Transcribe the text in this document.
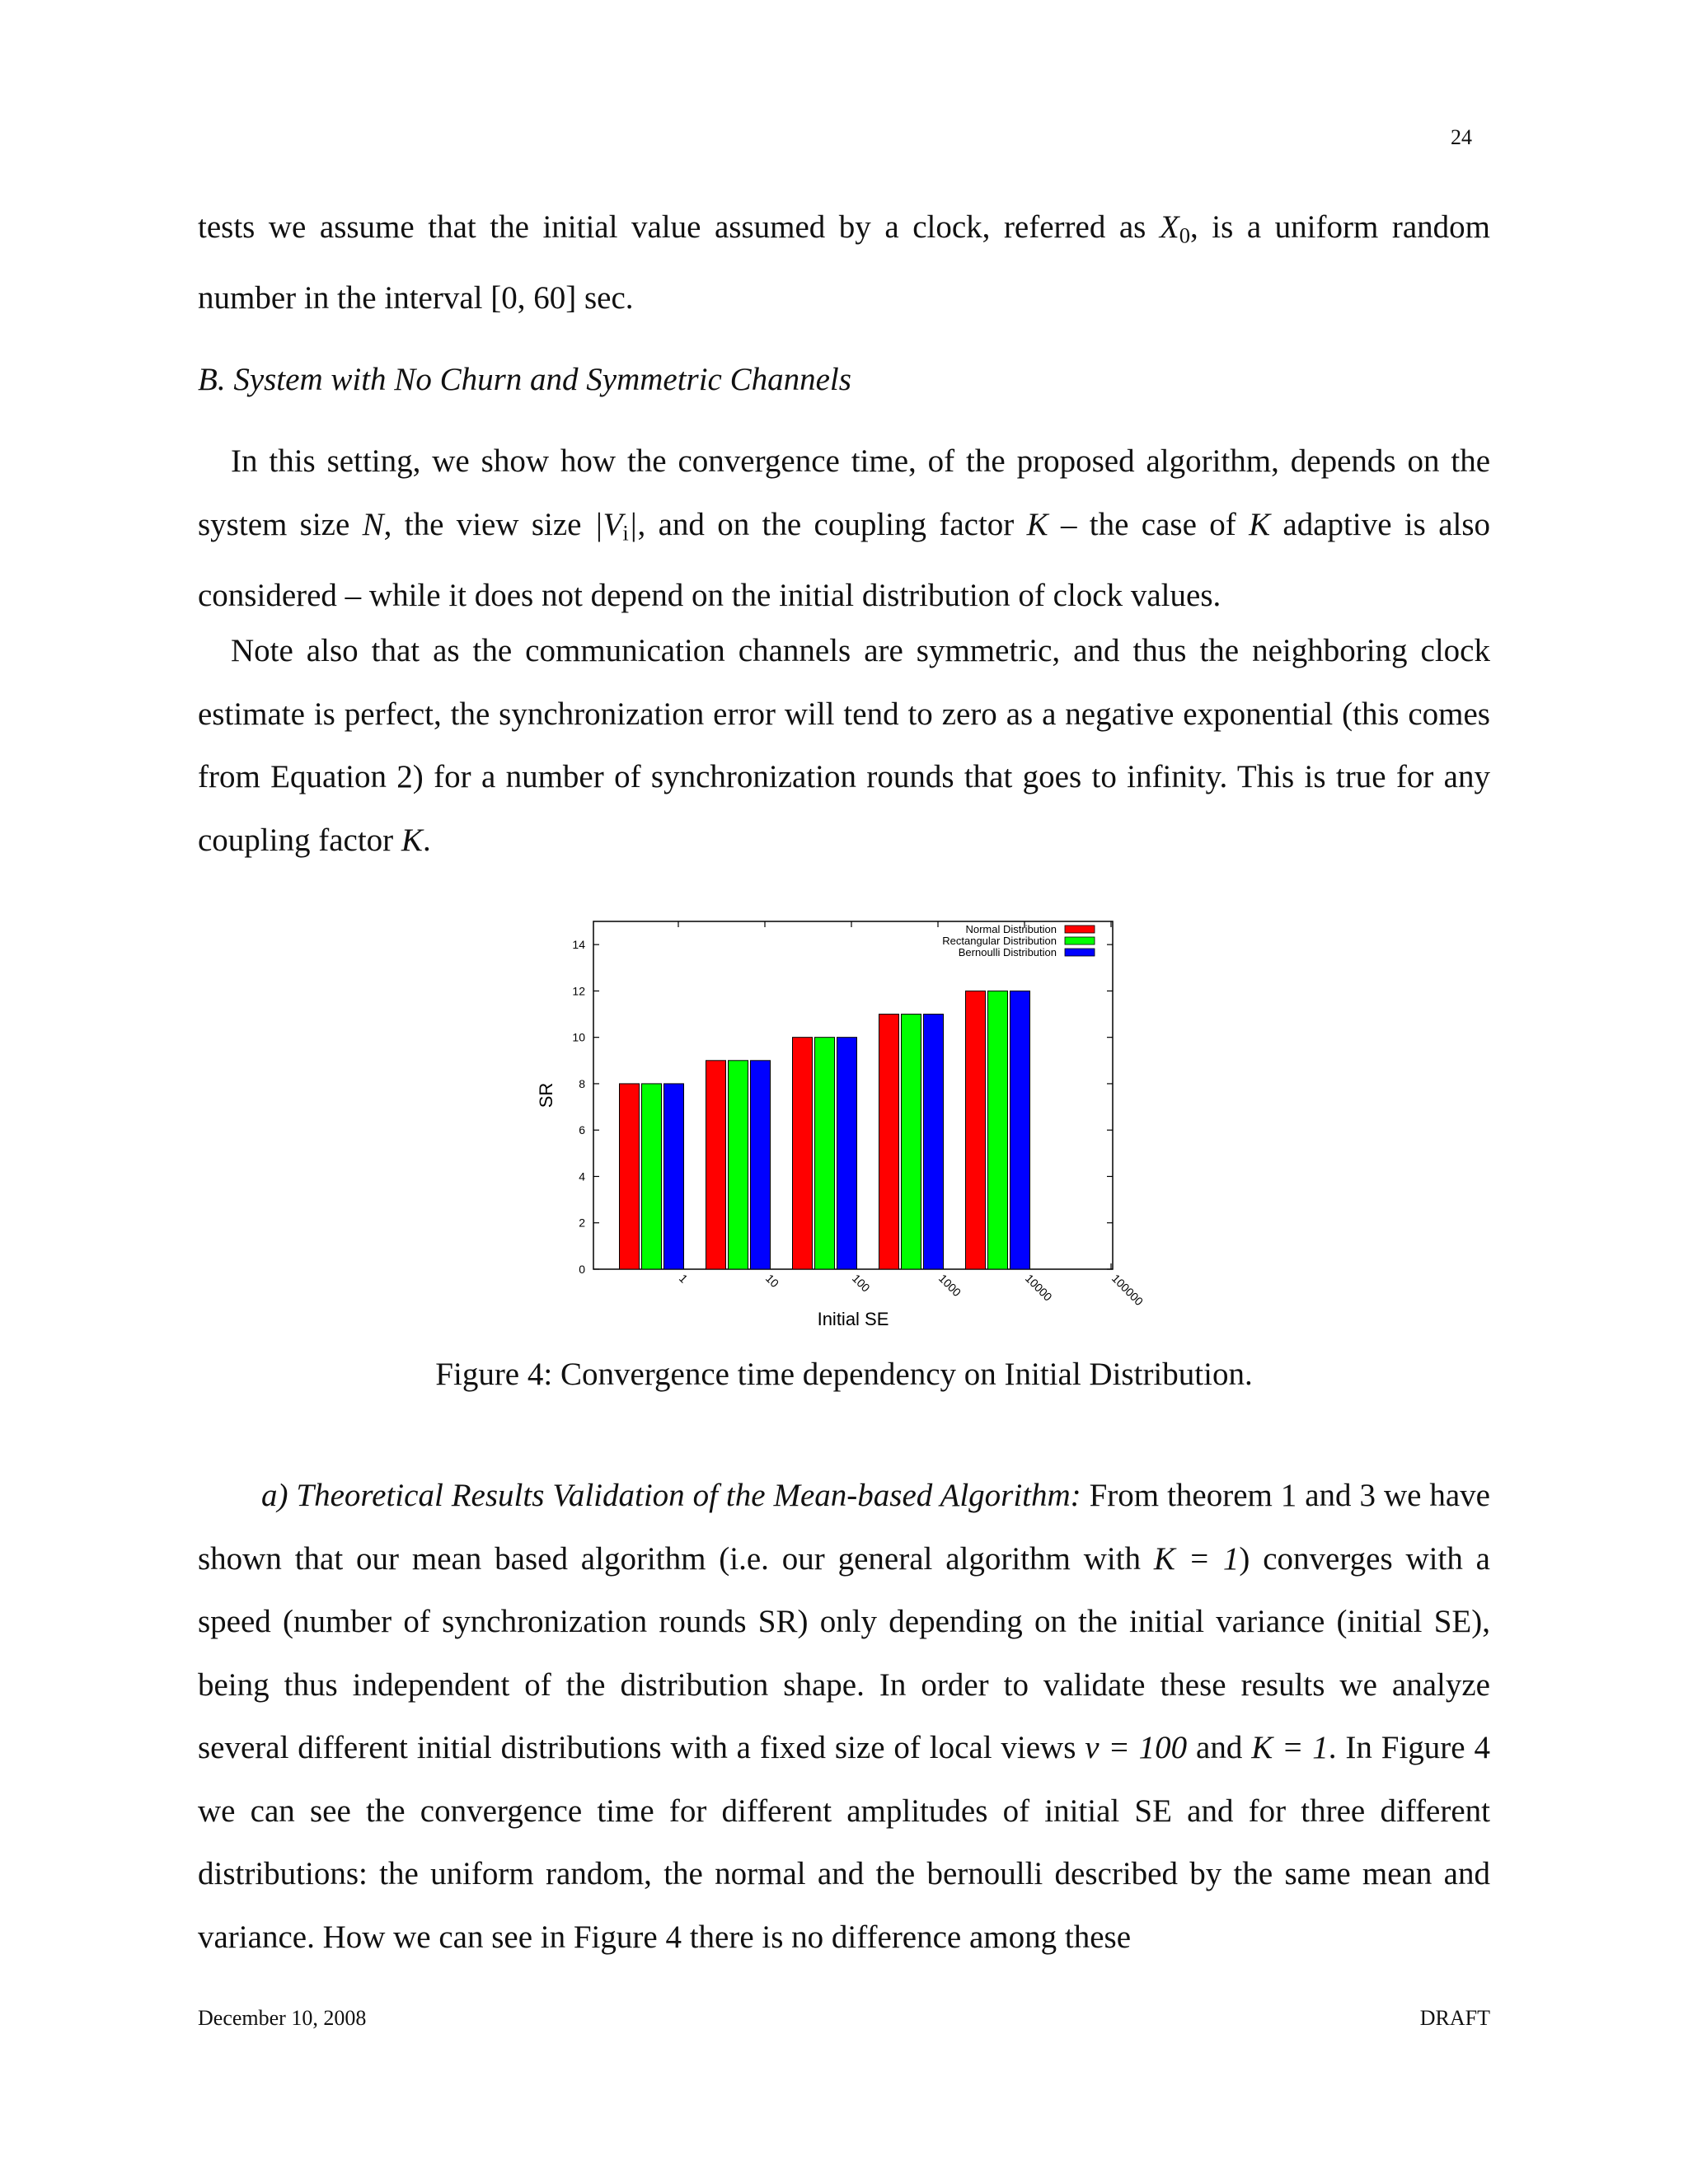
24
tests we assume that the initial value assumed by a clock, referred as $X_0$, is a uniform random number in the interval [0, 60] sec.
B. System with No Churn and Symmetric Channels
In this setting, we show how the convergence time, of the proposed algorithm, depends on the system size N, the view size $|V_i|$, and on the coupling factor K – the case of K adaptive is also considered – while it does not depend on the initial distribution of clock values.
Note also that as the communication channels are symmetric, and thus the neighboring clock estimate is perfect, the synchronization error will tend to zero as a negative exponential (this comes from Equation 2) for a number of synchronization rounds that goes to infinity. This is true for any coupling factor K.
0
2
4
6
8
10
12
14
1	10	100	1000	10000	100000
Initial SE
SR
Normal Distribution
Rectangular Distribution
Bernoulli Distribution
Figure 4: Convergence time dependency on Initial Distribution.
a) Theoretical Results Validation of the Mean-based Algorithm: From theorem 1 and 3 we have shown that our mean based algorithm (i.e. our general algorithm with K = 1) converges with a speed (number of synchronization rounds SR) only depending on the initial variance (initial SE), being thus independent of the distribution shape. In order to validate these results we analyze several different initial distributions with a fixed size of local views v = 100 and K = 1. In Figure 4 we can see the convergence time for different amplitudes of initial SE and for three different distributions: the uniform random, the normal and the bernoulli described by the same mean and variance. How we can see in Figure 4 there is no difference among these
December 10, 2008	DRAFT
